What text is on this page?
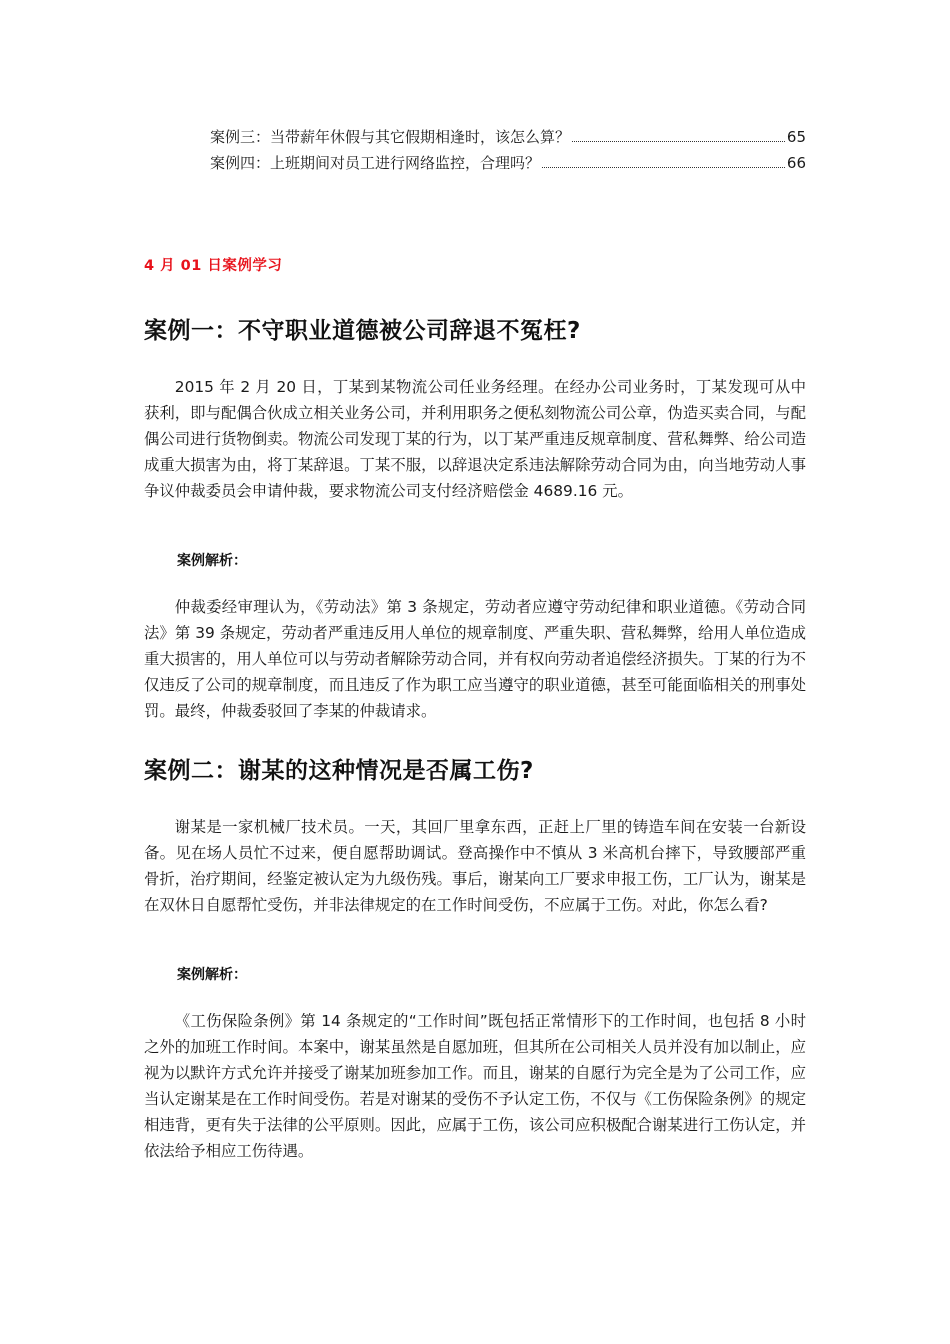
案例三：当带薪年休假与其它假期相逢时，该怎么算？	65
案例四：上班期间对员工进行网络监控，合理吗？	66
4 月 01 日案例学习
案例一：不守职业道德被公司辞退不冤枉?
2015 年 2 月 20 日，丁某到某物流公司任业务经理。在经办公司业务时，丁某发现可从中获利，即与配偶合伙成立相关业务公司，并利用职务之便私刻物流公司公章，伪造买卖合同，与配偶公司进行货物倒卖。物流公司发现丁某的行为，以丁某严重违反规章制度、营私舞弊、给公司造成重大损害为由，将丁某辞退。丁某不服，以辞退决定系违法解除劳动合同为由，向当地劳动人事争议仲裁委员会申请仲裁，要求物流公司支付经济赔偿金 4689.16 元。
案例解析：
仲裁委经审理认为，《劳动法》第 3 条规定，劳动者应遵守劳动纪律和职业道德。《劳动合同法》第 39 条规定，劳动者严重违反用人单位的规章制度、严重失职、营私舞弊，给用人单位造成重大损害的，用人单位可以与劳动者解除劳动合同，并有权向劳动者追偿经济损失。丁某的行为不仅违反了公司的规章制度，而且违反了作为职工应当遵守的职业道德，甚至可能面临相关的刑事处罚。最终，仲裁委驳回了李某的仲裁请求。
案例二：谢某的这种情况是否属工伤?
谢某是一家机械厂技术员。一天，其回厂里拿东西，正赶上厂里的铸造车间在安装一台新设备。见在场人员忙不过来，便自愿帮助调试。登高操作中不慎从 3 米高机台摔下，导致腰部严重骨折，治疗期间，经鉴定被认定为九级伤残。事后，谢某向工厂要求申报工伤，工厂认为，谢某是在双休日自愿帮忙受伤，并非法律规定的在工作时间受伤，不应属于工伤。对此，你怎么看?
案例解析：
《工伤保险条例》第 14 条规定的“工作时间”既包括正常情形下的工作时间，也包括 8 小时之外的加班工作时间。本案中，谢某虽然是自愿加班，但其所在公司相关人员并没有加以制止，应视为以默许方式允许并接受了谢某加班参加工作。而且，谢某的自愿行为完全是为了公司工作，应当认定谢某是在工作时间受伤。若是对谢某的受伤不予认定工伤，不仅与《工伤保险条例》的规定相违背，更有失于法律的公平原则。因此，应属于工伤，该公司应积极配合谢某进行工伤认定，并依法给予相应工伤待遇。
